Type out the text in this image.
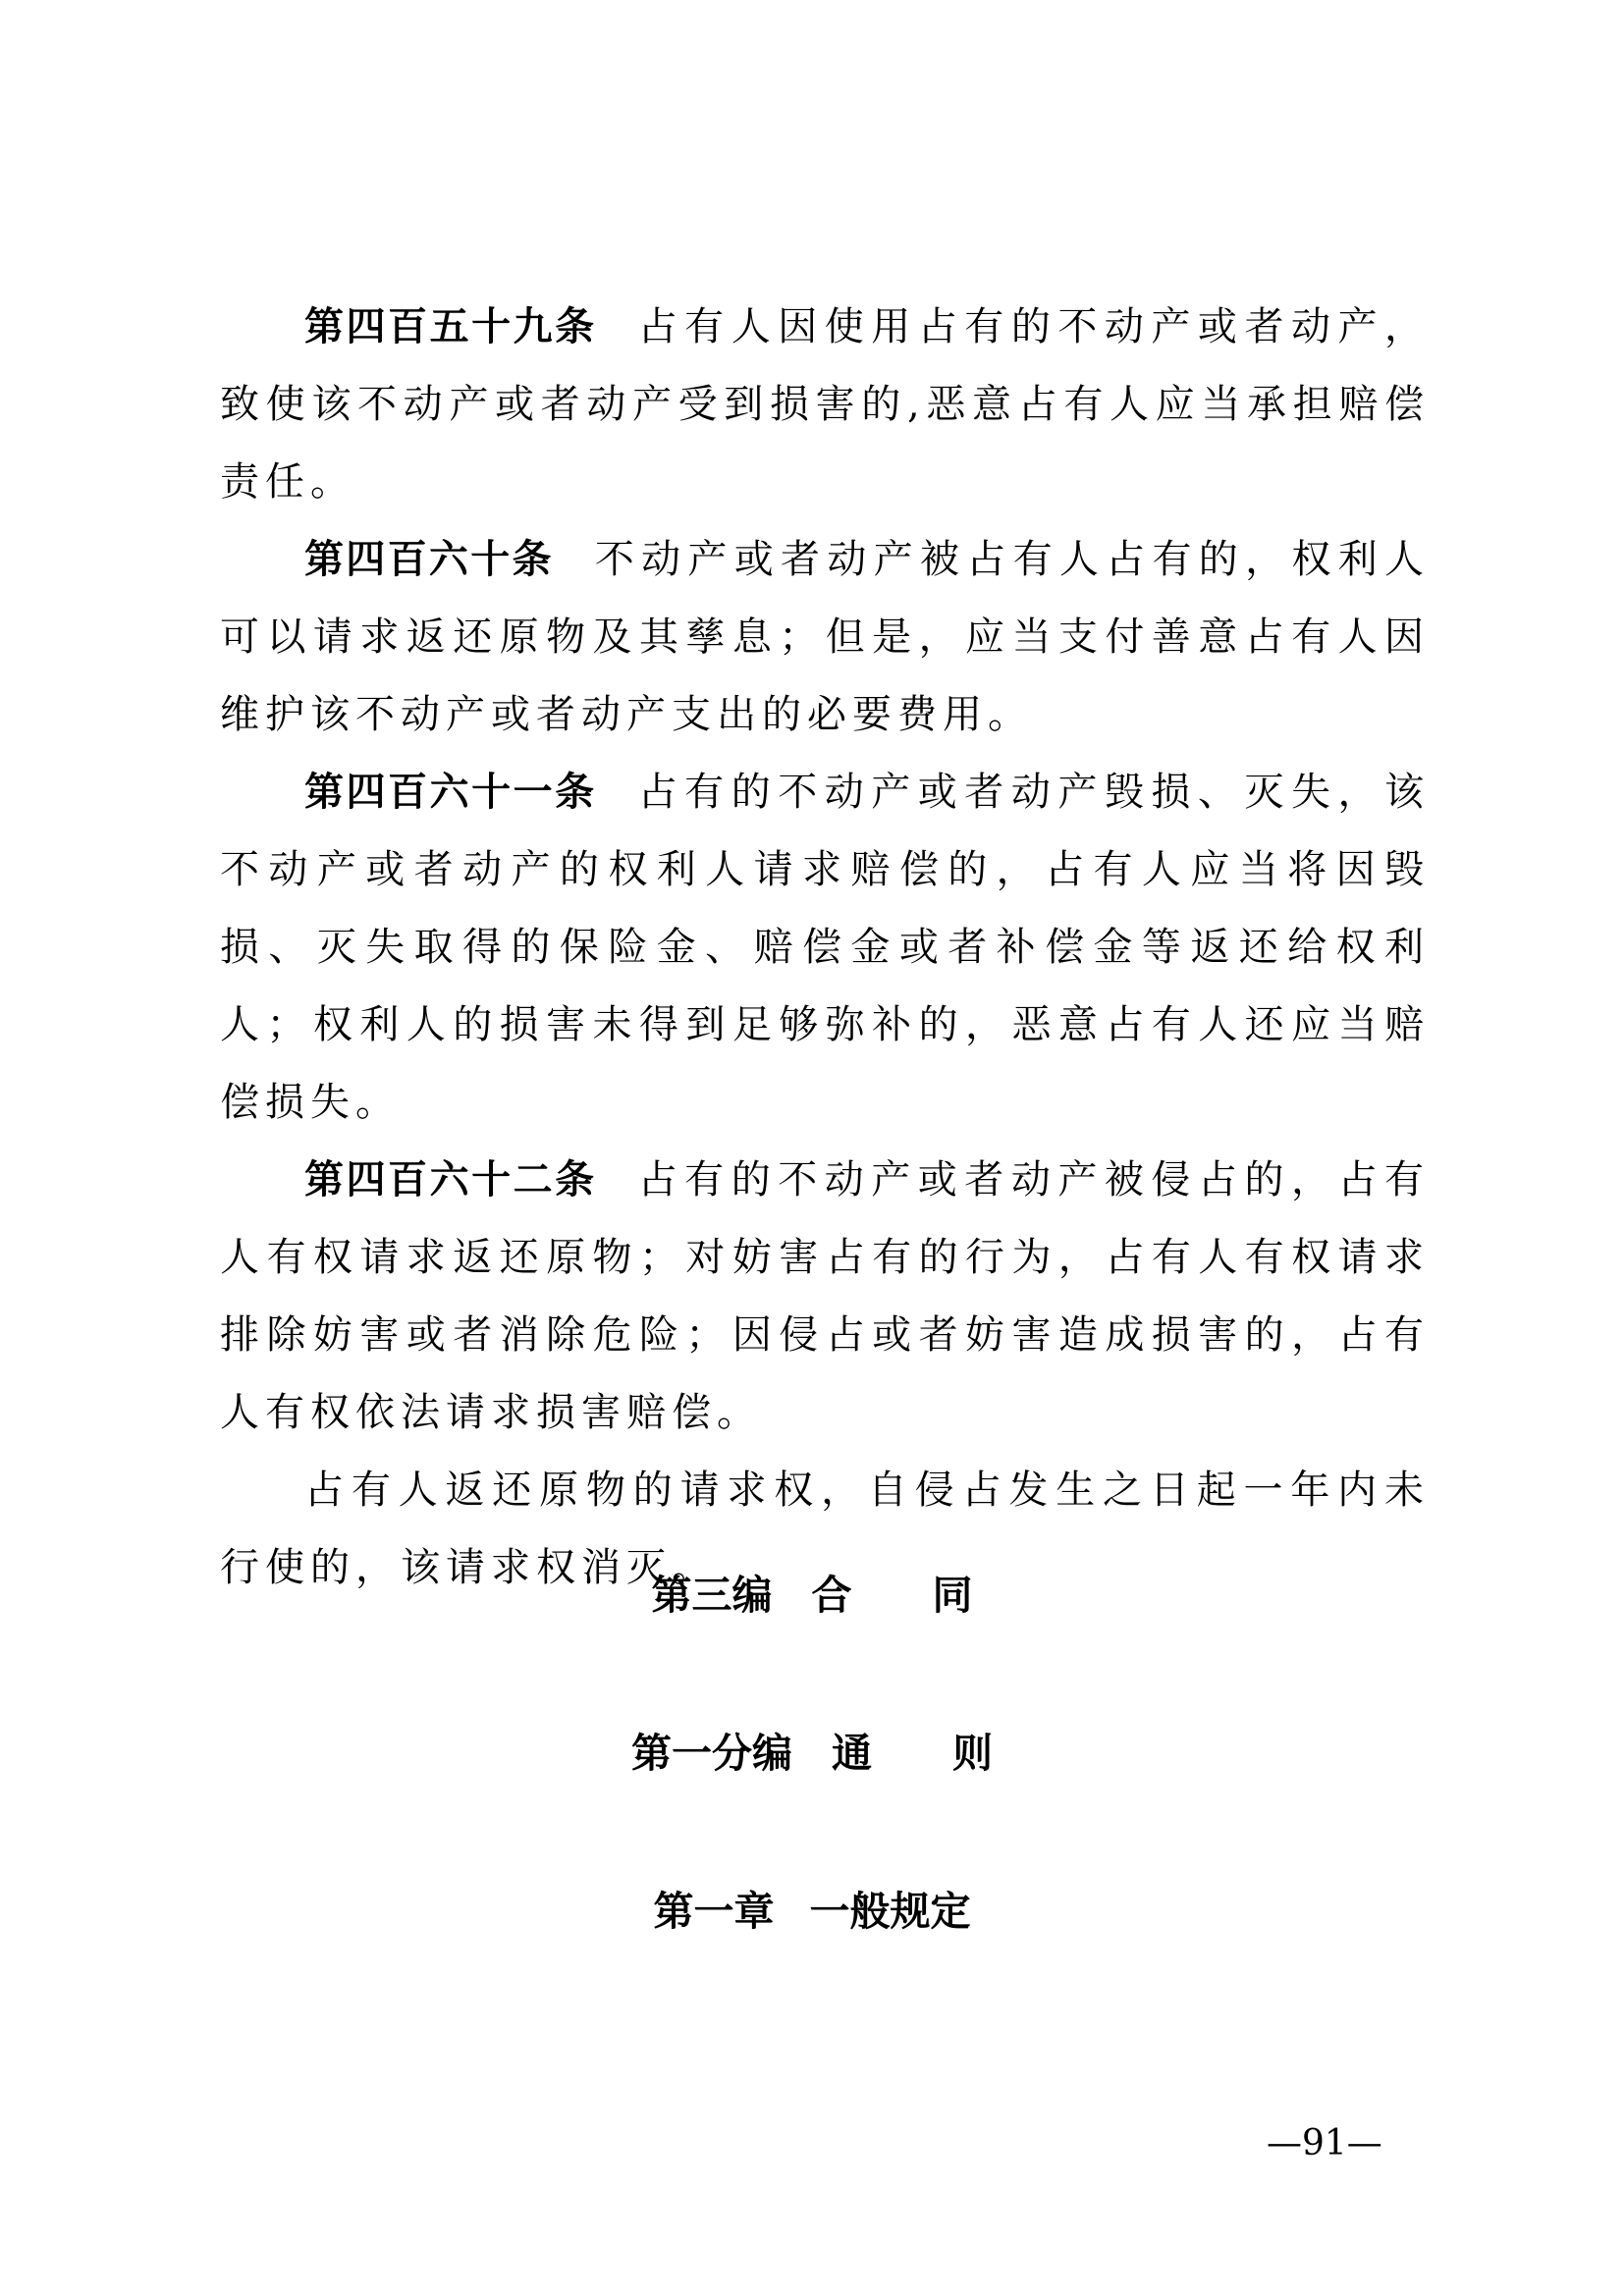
第四百五十九条 占有人因使用占有的不动产或者动产，致使该不动产或者动产受到损害的,恶意占有人应当承担赔偿责任。

第四百六十条 不动产或者动产被占有人占有的，权利人可以请求返还原物及其孳息；但是，应当支付善意占有人因维护该不动产或者动产支出的必要费用。

第四百六十一条 占有的不动产或者动产毁损、灭失，该不动产或者动产的权利人请求赔偿的，占有人应当将因毁损、灭失取得的保险金、赔偿金或者补偿金等返还给权利人；权利人的损害未得到足够弥补的，恶意占有人还应当赔偿损失。

第四百六十二条 占有的不动产或者动产被侵占的，占有人有权请求返还原物；对妨害占有的行为，占有人有权请求排除妨害或者消除危险；因侵占或者妨害造成损害的，占有人有权依法请求损害赔偿。

占有人返还原物的请求权，自侵占发生之日起一年内未行使的，该请求权消灭。

第三编 合 同
第一分编 通 则
第一章 一般规定
—91—
